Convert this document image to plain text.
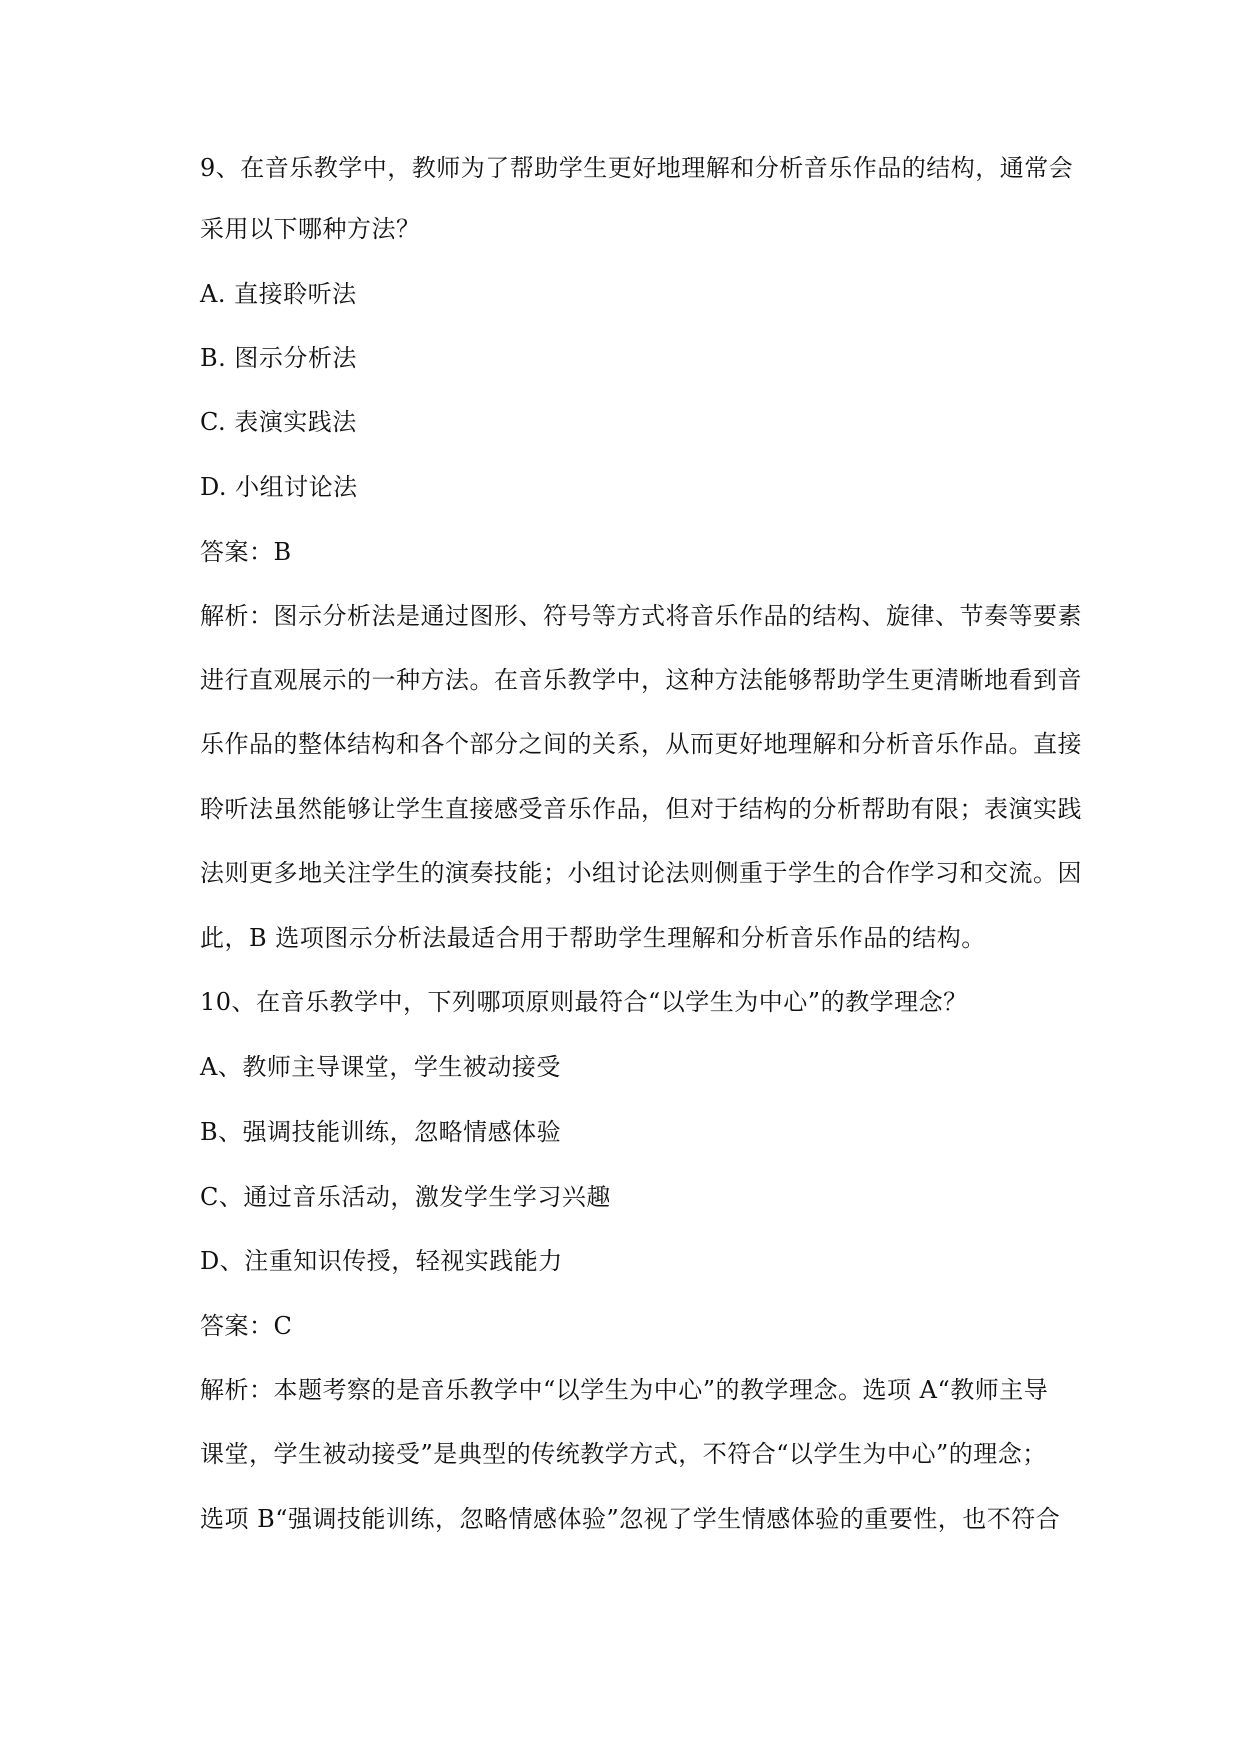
9、在音乐教学中，教师为了帮助学生更好地理解和分析音乐作品的结构，通常会
采用以下哪种方法？
A. 直接聆听法
B. 图示分析法
C. 表演实践法
D. 小组讨论法
答案：B
解析：图示分析法是通过图形、符号等方式将音乐作品的结构、旋律、节奏等要素
进行直观展示的一种方法。在音乐教学中，这种方法能够帮助学生更清晰地看到音
乐作品的整体结构和各个部分之间的关系，从而更好地理解和分析音乐作品。直接
聆听法虽然能够让学生直接感受音乐作品，但对于结构的分析帮助有限；表演实践
法则更多地关注学生的演奏技能；小组讨论法则侧重于学生的合作学习和交流。因
此，B 选项图示分析法最适合用于帮助学生理解和分析音乐作品的结构。
10、在音乐教学中，下列哪项原则最符合“以学生为中心”的教学理念？
A、教师主导课堂，学生被动接受
B、强调技能训练，忽略情感体验
C、通过音乐活动，激发学生学习兴趣
D、注重知识传授，轻视实践能力
答案：C
解析：本题考察的是音乐教学中“以学生为中心”的教学理念。选项 A“教师主导
课堂，学生被动接受”是典型的传统教学方式，不符合“以学生为中心”的理念；
选项 B“强调技能训练，忽略情感体验”忽视了学生情感体验的重要性，也不符合
